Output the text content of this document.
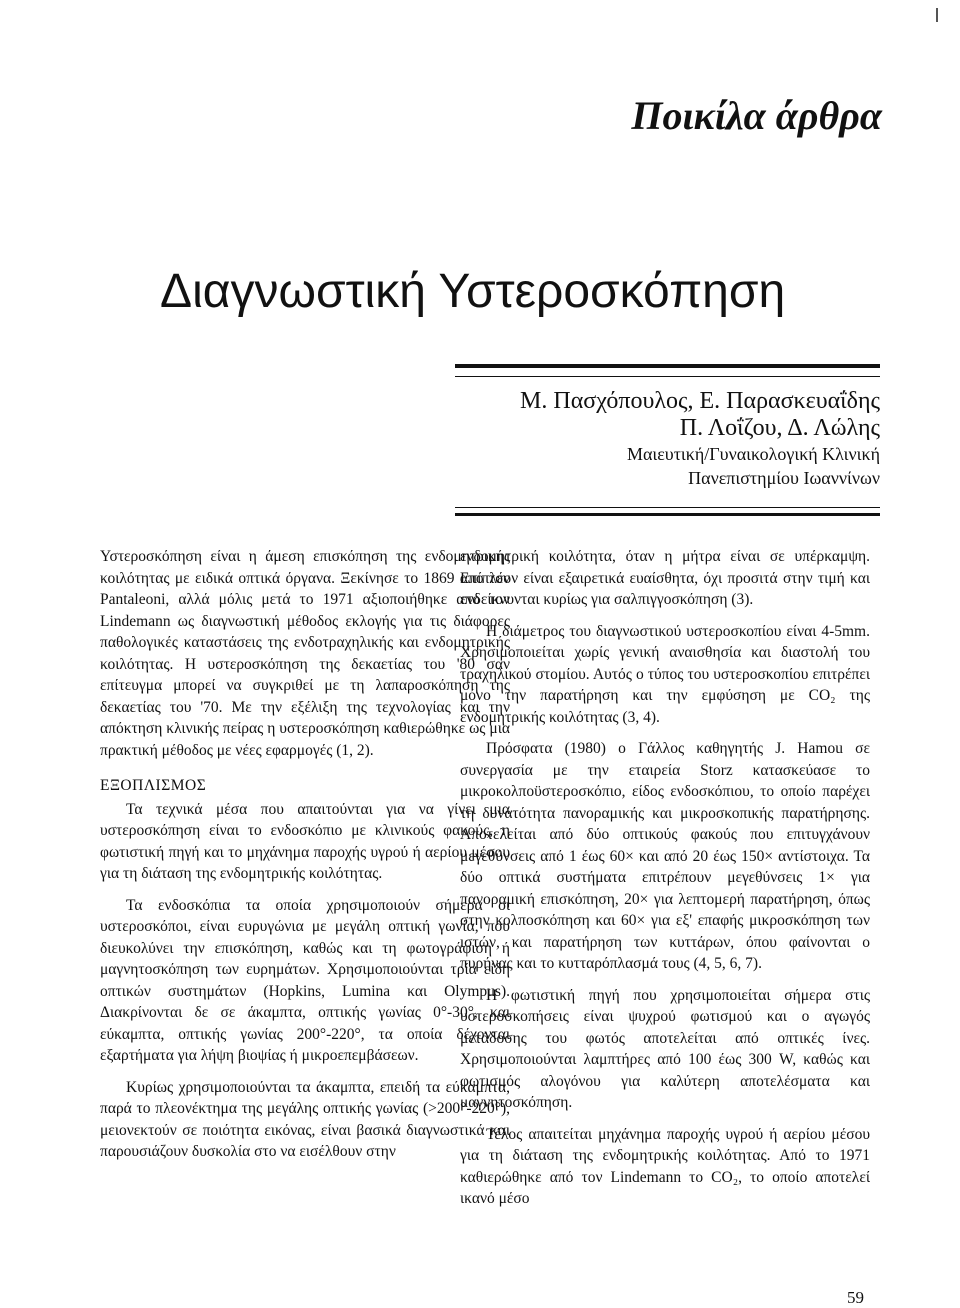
Ποικίλα άρθρα
Διαγνωστική Υστεροσκόπηση
Μ. Πασχόπουλος, Ε. Παρασκευαΐδης
Π. Λοΐζου, Δ. Λώλης
Μαιευτική/Γυναικολογική Κλινική
Πανεπιστημίου Ιωαννίνων

Υστεροσκόπηση είναι η άμεση επισκόπηση της ενδομητρικής κοιλότητας με ειδικά οπτικά όργανα. Ξεκίνησε το 1869 από τον Pantaleoni, αλλά μόλις μετά το 1971 αξιοποιήθηκε από τον Lindemann ως διαγνωστική μέθοδος εκλογής για τις διάφορες παθολογικές καταστάσεις της ενδοτραχηλικής και ενδομητρικής κοιλότητας. Η υστεροσκόπηση της δεκαετίας του '80 σαν επίτευγμα μπορεί να συγκριθεί με τη λαπαροσκόπηση της δεκαετίας του '70. Με την εξέλιξη της τεχνολογίας και την απόκτηση κλινικής πείρας η υστεροσκόπηση καθιερώθηκε ως μια πρακτική μέθοδος με νέες εφαρμογές (1, 2).

ΕΞΟΠΛΙΣΜΟΣ

Τα τεχνικά μέσα που απαιτούνται για να γίνει μια υστεροσκόπηση είναι το ενδοσκόπιο με κλινικούς φακούς, η φωτιστική πηγή και το μηχάνημα παροχής υγρού ή αερίου μέσου για τη διάταση της ενδομητρικής κοιλότητας.

Τα ενδοσκόπια τα οποία χρησιμοποιούν σήμερα οι υστεροσκόποι, είναι ευρυγώνια με μεγάλη οπτική γωνία, που διευκολύνει την επισκόπηση, καθώς και τη φωτογράφιση ή μαγνητοσκόπηση των ευρημάτων. Χρησιμοποιούνται τρία είδη οπτικών συστημάτων (Hopkins, Lumina και Olympus). Διακρίνονται δε σε άκαμπτα, οπτικής γωνίας 0°-30°, και εύκαμπτα, οπτικής γωνίας 200°-220°, τα οποία δέχονται εξαρτήματα για λήψη βιοψίας ή μικροεπεμβάσεων.

Κυρίως χρησιμοποιούνται τα άκαμπτα, επειδή τα εύκαμπτα, παρά το πλεονέκτημα της μεγάλης οπτικής γωνίας (>200°-220°), μειονεκτούν σε ποιότητα εικόνας, είναι βασικά διαγνωστικά και παρουσιάζουν δυσκολία στο να εισέλθουν στην

ενδομητρική κοιλότητα, όταν η μήτρα είναι σε υπέρκαμψη. Επιπλέον είναι εξαιρετικά ευαίσθητα, όχι προσιτά στην τιμή και ενδείκνυνται κυρίως για σαλπιγγοσκόπηση (3).

Η διάμετρος του διαγνωστικού υστεροσκοπίου είναι 4-5mm. Χρησιμοποιείται χωρίς γενική αναισθησία και διαστολή του τραχηλικού στομίου. Αυτός ο τύπος του υστεροσκοπίου επιτρέπει μόνο την παρατήρηση και την εμφύσηση με CO₂ της ενδομητρικής κοιλότητας (3, 4).

Πρόσφατα (1980) ο Γάλλος καθηγητής J. Hamou σε συνεργασία με την εταιρεία Storz κατασκεύασε το μικροκολποϋστεροσκόπιο, είδος ενδοσκόπιου, το οποίο παρέχει τη δυνατότητα πανοραμικής και μικροσκοπικής παρατήρησης. Αποτελείται από δύο οπτικούς φακούς που επιτυγχάνουν μεγεθύνσεις από 1 έως 60× και από 20 έως 150× αντίστοιχα. Τα δύο οπτικά συστήματα επιτρέπουν μεγεθύνσεις 1× για πανοραμική επισκόπηση, 20× για λεπτομερή παρατήρηση, όπως στην κολποσκόπηση και 60× για εξ' επαφής μικροσκόπηση των ιστών, και παρατήρηση των κυττάρων, όπου φαίνονται ο πυρήνας και το κυτταρόπλασμά τους (4, 5, 6, 7).

Η φωτιστική πηγή που χρησιμοποιείται σήμερα στις υστεροσκοπήσεις είναι ψυχρού φωτισμού και ο αγωγός μετάδοσης του φωτός αποτελείται από οπτικές ίνες. Χρησιμοποιούνται λαμπτήρες από 100 έως 300 W, καθώς και φωτισμός αλογόνου για καλύτερη αποτελέσματα και μαγνητοσκόπηση.

Τέλος απαιτείται μηχάνημα παροχής υγρού ή αερίου μέσου για τη διάταση της ενδομητρικής κοιλότητας. Από το 1971 καθιερώθηκε από τον Lindemann το CO₂, το οποίο αποτελεί ικανό μέσο

59
